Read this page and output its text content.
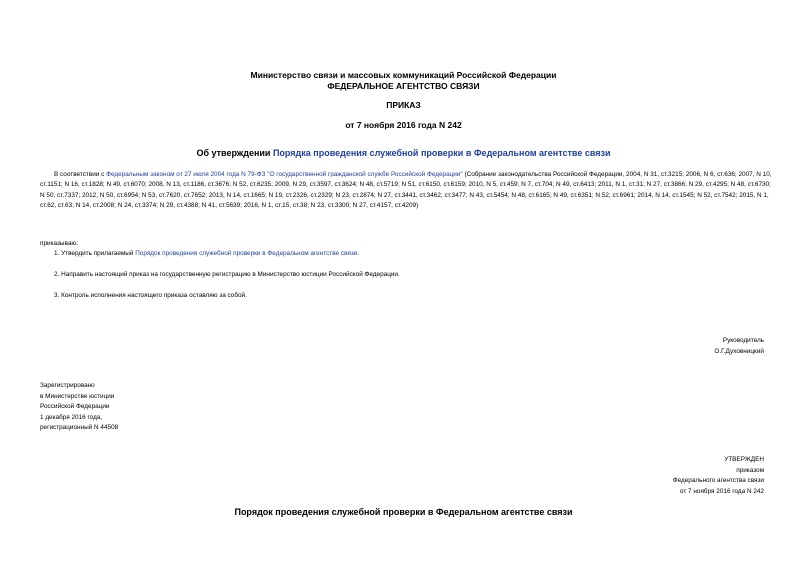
Министерство связи и массовых коммуникаций Российской Федерации
ФЕДЕРАЛЬНОЕ АГЕНТСТВО СВЯЗИ
ПРИКАЗ
от 7 ноября 2016 года N 242
Об утверждении Порядка проведения служебной проверки в Федеральном агентстве связи
В соответствии с Федеральным законом от 27 июля 2004 года N 79-ФЗ "О государственной гражданской службе Российской Федерации" (Собрание законодательства Российской Федерации, 2004, N 31, ст.3215; 2006, N 6, ст.636; 2007, N 10, ст.1151; N 16, ст.1828; N 49, ст.6070; 2008, N 13, ст.1186, ст.3676; N 52, ст.6235; 2009, N 29, ст.3597, ст.3624; N 48, ст.5719; N 51, ст.6150, ст.6159; 2010, N 5, ст.459; N 7, ст.704; N 49, ст.6413; 2011, N 1, ст.31; N 27, ст.3866; N 29, ст.4295; N 48, ст.6730; N 50, ст.7337; 2012, N 50, ст.6954; N 53, ст.7620, ст.7652; 2013, N 14, ст.1665; N 19, ст.2326, ст.2329; N 23, ст.2874; N 27, ст.3441, ст.3462, ст.3477; N 43, ст.5454; N 48, ст.6165; N 49, ст.6351; N 52, ст.6961; 2014, N 14, ст.1545; N 52, ст.7542; 2015, N 1, ст.62, ст.63; N 14, ст.2008; N 24, ст.3374; N 29, ст.4388; N 41, ст.5639; 2016, N 1, ст.15, ст.38; N 23, ст.3300; N 27, ст.4157, ст.4209)
приказываю:
1. Утвердить прилагаемый Порядок проведения служебной проверки в Федеральном агентстве связи.
2. Направить настоящий приказ на государственную регистрацию в Министерство юстиции Российской Федерации.
3. Контроль исполнения настоящего приказа оставляю за собой.
Руководитель
О.Г.Духовницкий
Зарегистрировано
в Министерстве юстиции
Российской Федерации
1 декабря 2016 года,
регистрационный N 44508
УТВЕРЖДЕН
приказом
Федерального агентства связи
от 7 ноября 2016 года N 242
Порядок проведения служебной проверки в Федеральном агентстве связи
